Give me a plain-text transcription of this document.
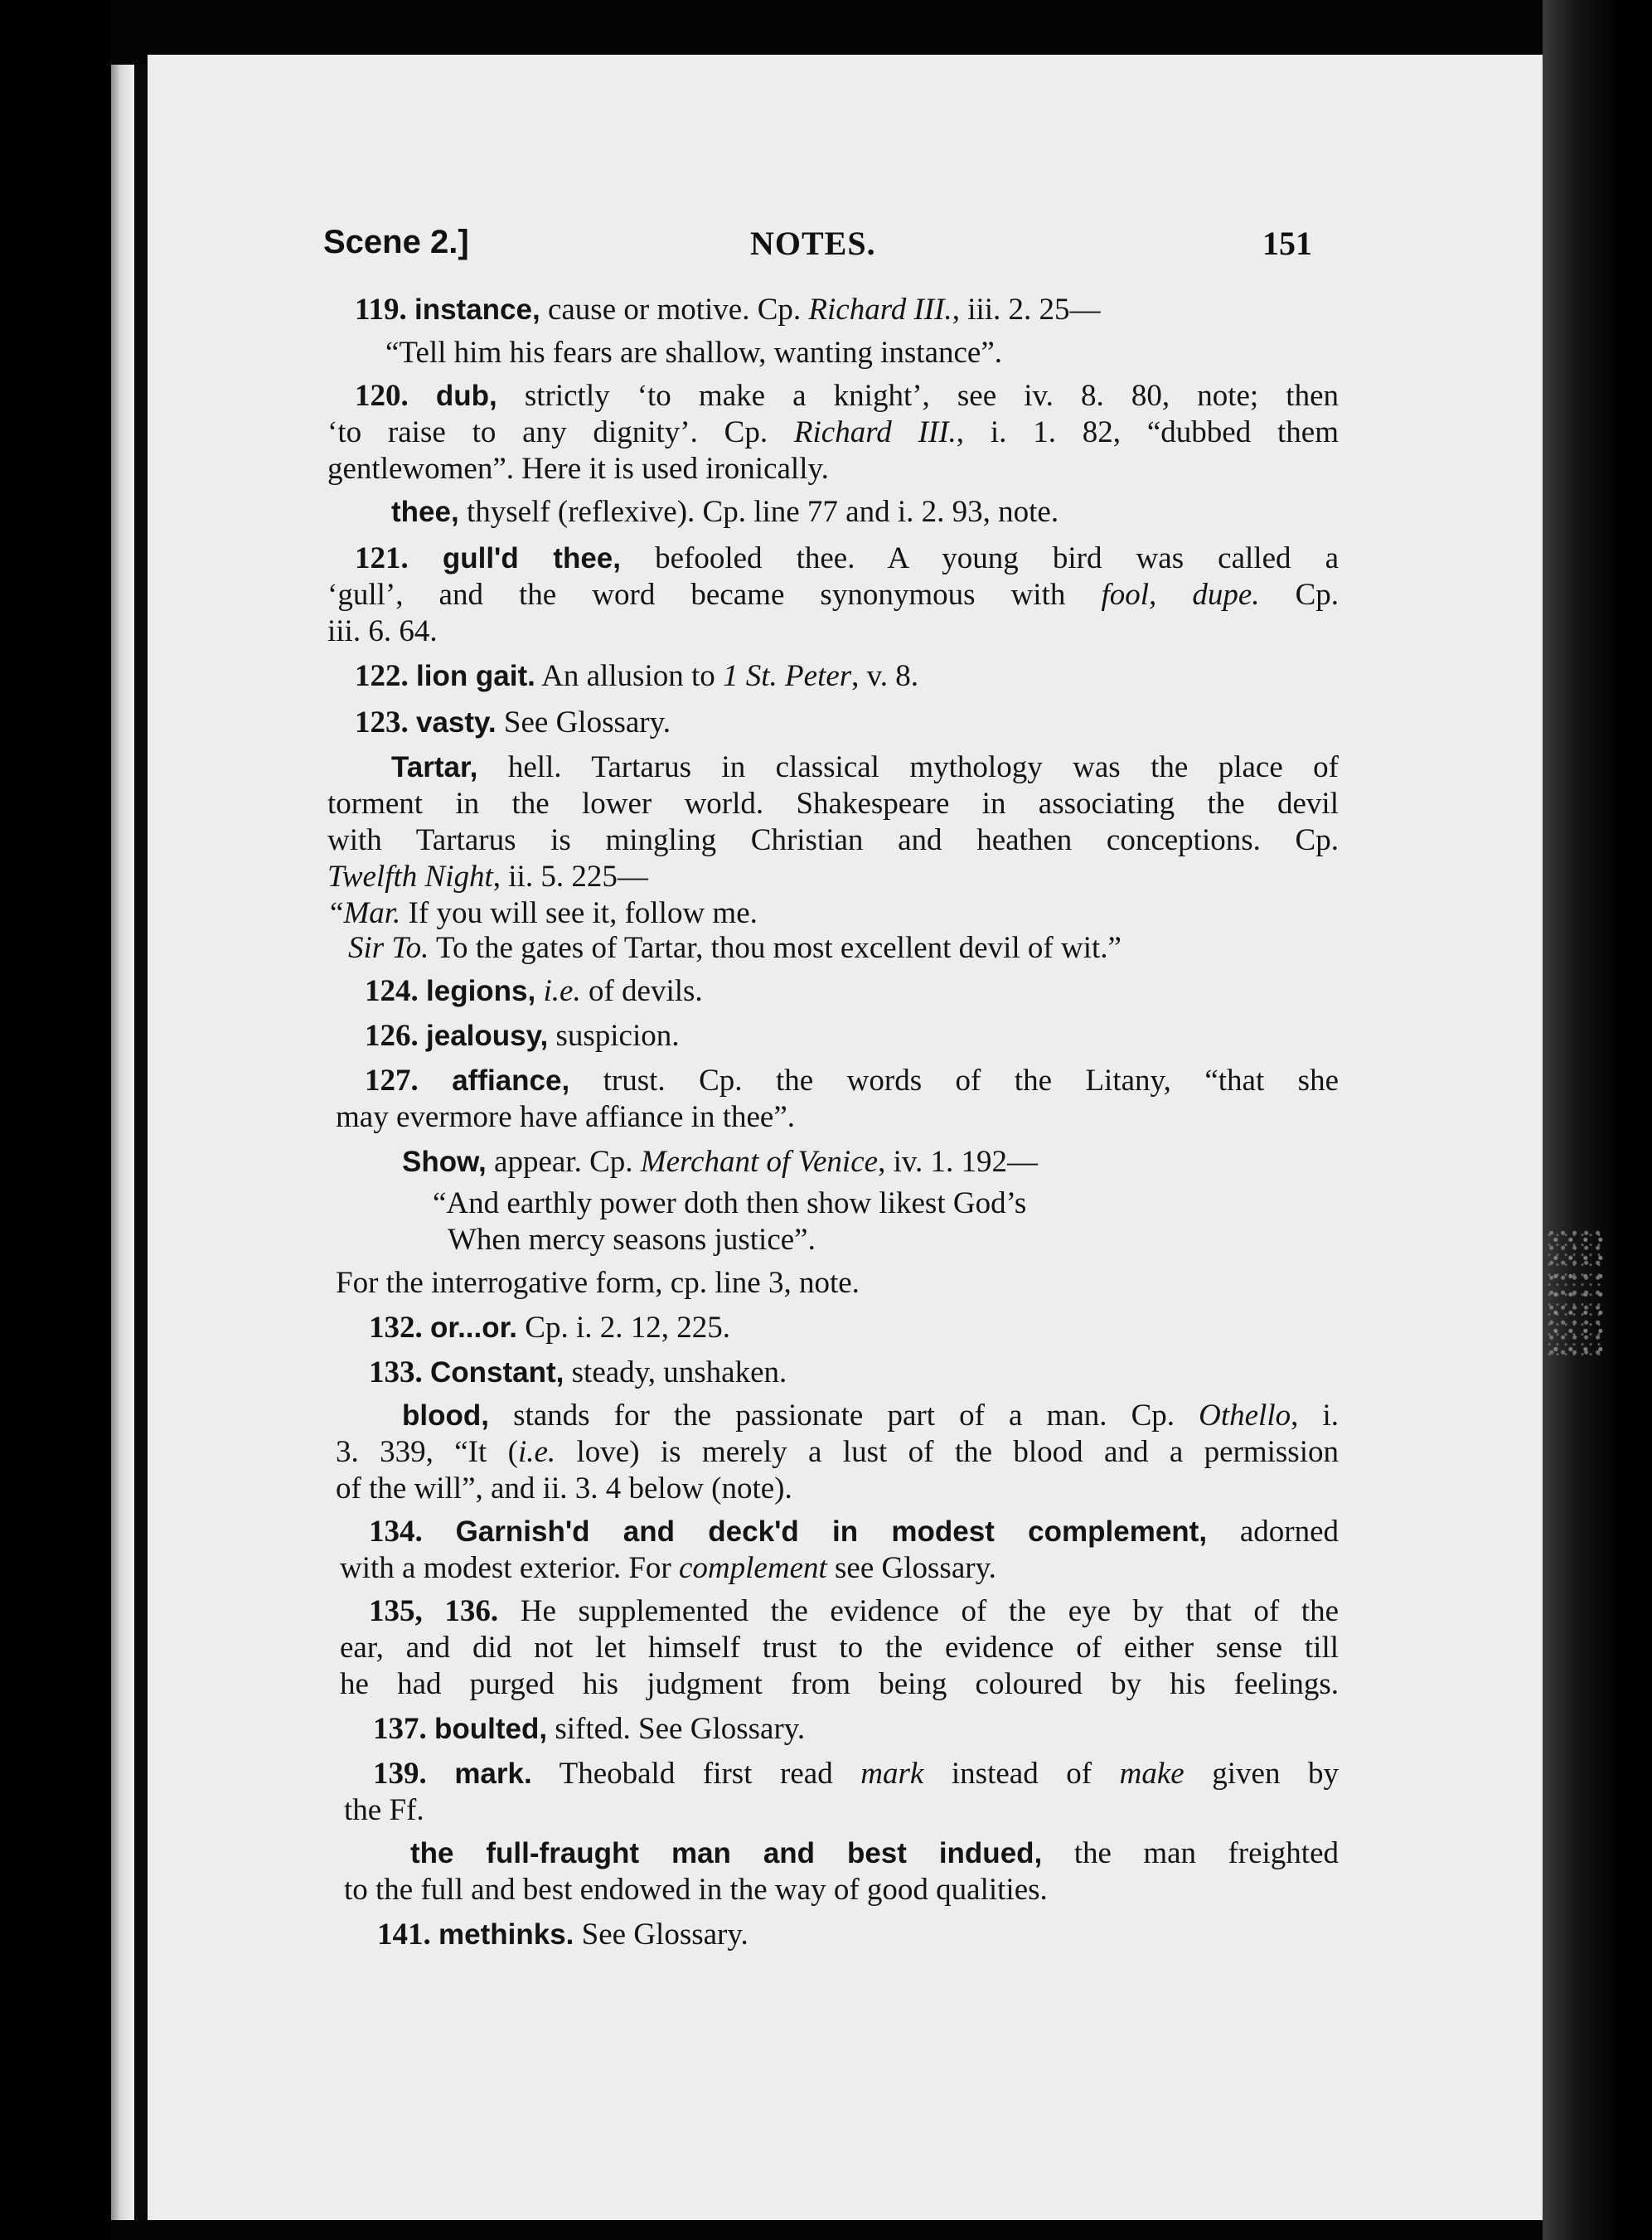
Scene 2.]	NOTES.	151
119. instance, cause or motive. Cp. Richard III., iii. 2. 25—
“Tell him his fears are shallow, wanting instance”.
120. dub, strictly ‘to make a knight’, see iv. 8. 80, note; then
‘to raise to any dignity’. Cp. Richard III., i. 1. 82, “dubbed them
gentlewomen”. Here it is used ironically.
thee, thyself (reflexive). Cp. line 77 and i. 2. 93, note.
121. gull'd thee, befooled thee. A young bird was called a
‘gull’, and the word became synonymous with fool, dupe. Cp.
iii. 6. 64.
122. lion gait. An allusion to 1 St. Peter, v. 8.
123. vasty. See Glossary.
Tartar, hell. Tartarus in classical mythology was the place of
torment in the lower world. Shakespeare in associating the devil
with Tartarus is mingling Christian and heathen conceptions. Cp.
Twelfth Night, ii. 5. 225—
“Mar. If you will see it, follow me.
Sir To. To the gates of Tartar, thou most excellent devil of wit.”
124. legions, i.e. of devils.
126. jealousy, suspicion.
127. affiance, trust. Cp. the words of the Litany, “that she
may evermore have affiance in thee”.
Show, appear. Cp. Merchant of Venice, iv. 1. 192—
“And earthly power doth then show likest God’s
When mercy seasons justice”.
For the interrogative form, cp. line 3, note.
132. or...or. Cp. i. 2. 12, 225.
133. Constant, steady, unshaken.
blood, stands for the passionate part of a man. Cp. Othello, i.
3. 339, “It (i.e. love) is merely a lust of the blood and a permission
of the will”, and ii. 3. 4 below (note).
134. Garnish'd and deck'd in modest complement, adorned
with a modest exterior. For complement see Glossary.
135, 136. He supplemented the evidence of the eye by that of the
ear, and did not let himself trust to the evidence of either sense till
he had purged his judgment from being coloured by his feelings.
137. boulted, sifted. See Glossary.
139. mark. Theobald first read mark instead of make given by
the Ff.
the full-fraught man and best indued, the man freighted
to the full and best endowed in the way of good qualities.
141. methinks. See Glossary.
